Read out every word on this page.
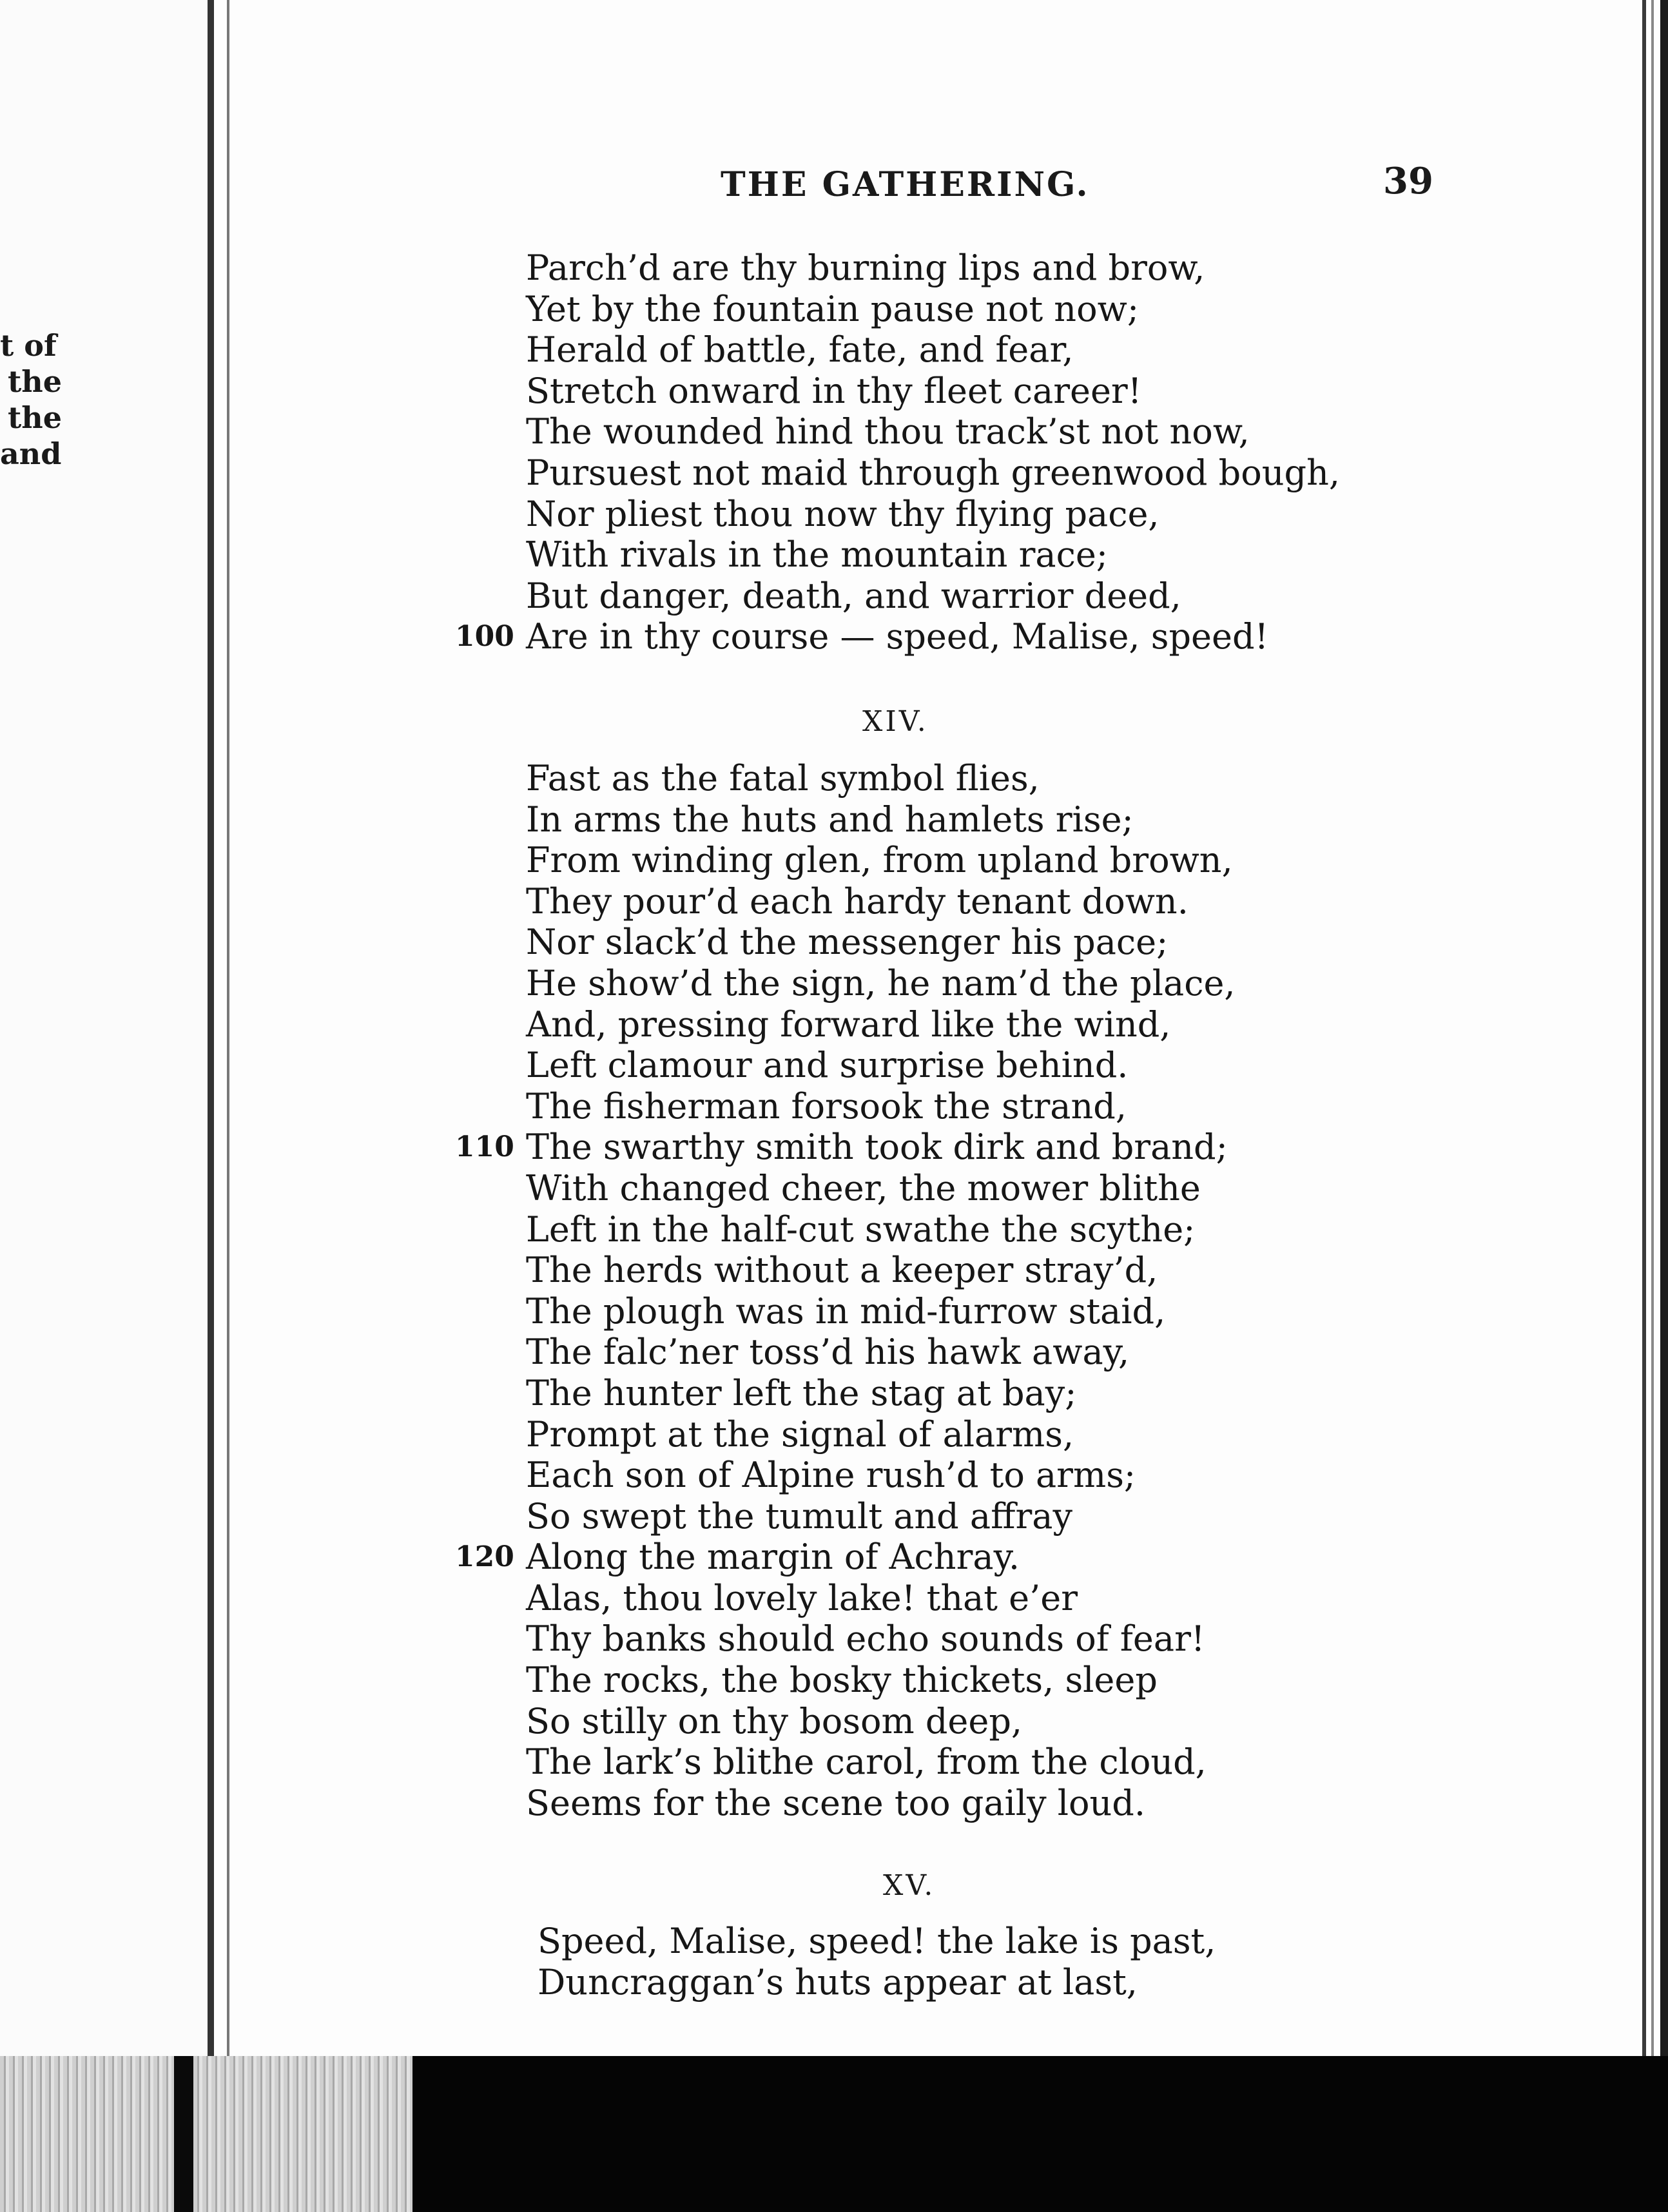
t of
the
the
and
THE GATHERING.	39
Parch’d are thy burning lips and brow,
Yet by the fountain pause not now;
Herald of battle, fate, and fear,
Stretch onward in thy fleet career!
The wounded hind thou track’st not now,
Pursuest not maid through greenwood bough,
Nor pliest thou now thy flying pace,
With rivals in the mountain race;
But danger, death, and warrior deed,
100 Are in thy course — speed, Malise, speed!
XIV.
Fast as the fatal symbol flies,
In arms the huts and hamlets rise;
From winding glen, from upland brown,
They pour’d each hardy tenant down.
Nor slack’d the messenger his pace;
He show’d the sign, he nam’d the place,
And, pressing forward like the wind,
Left clamour and surprise behind.
The fisherman forsook the strand,
110 The swarthy smith took dirk and brand;
With changed cheer, the mower blithe
Left in the half-cut swathe the scythe;
The herds without a keeper stray’d,
The plough was in mid-furrow staid,
The falc’ner toss’d his hawk away,
The hunter left the stag at bay;
Prompt at the signal of alarms,
Each son of Alpine rush’d to arms;
So swept the tumult and affray
120 Along the margin of Achray.
Alas, thou lovely lake! that e’er
Thy banks should echo sounds of fear!
The rocks, the bosky thickets, sleep
So stilly on thy bosom deep,
The lark’s blithe carol, from the cloud,
Seems for the scene too gaily loud.
XV.
Speed, Malise, speed! the lake is past,
Duncraggan’s huts appear at last,
